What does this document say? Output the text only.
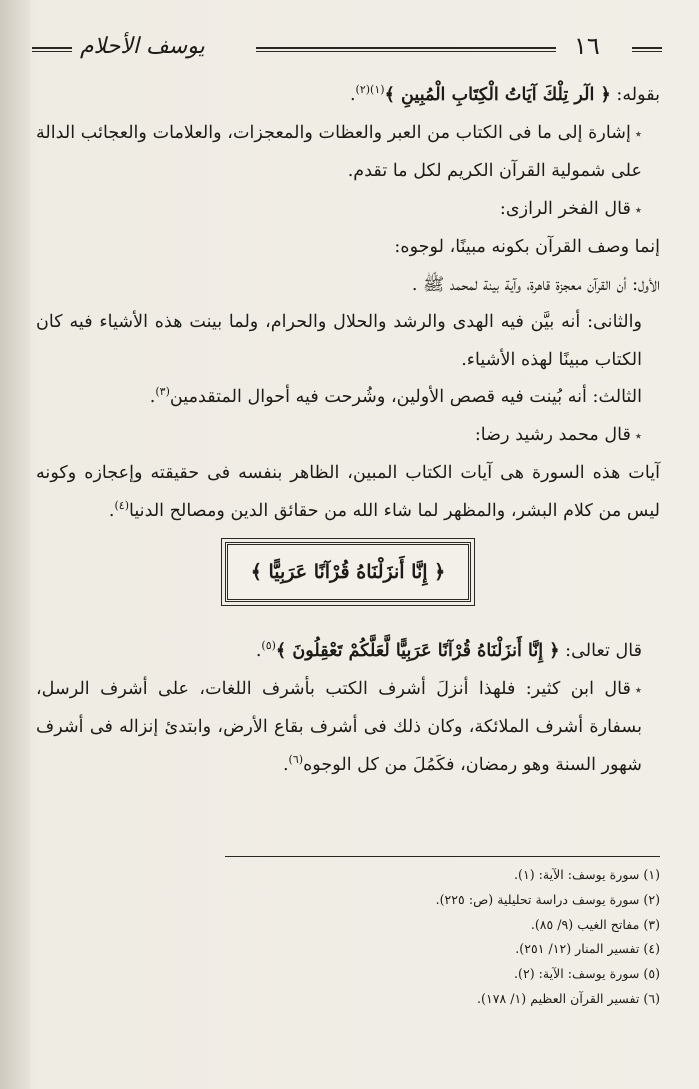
يوسف الأحلام	١٦

بقوله: ﴿ الٓر تِلْكَ آيَاتُ الْكِتَابِ الْمُبِينِ ﴾$^{(١)(٢)}$.

٭إشارة إلى ما فى الكتاب من العبر والعظات والمعجزات، والعلامات والعجائب الدالة على شمولية القرآن الكريم لكل ما تقدم.

٭قال الفخر الرازى:

إنما وصف القرآن بكونه مبينًا، لوجوه:

الأول: أن القرآن معجزة قاهرة، وآية بينة لمحمد ﷺ .

والثانى: أنه بيَّن فيه الهدى والرشد والحلال والحرام، ولما بينت هذه الأشياء فيه كان الكتاب مبينًا لهذه الأشياء.

الثالث: أنه بُينت فيه قصص الأولين، وشُرحت فيه أحوال المتقدمين$^{(٣)}$.

٭قال محمد رشيد رضا:

آيات هذه السورة هى آيات الكتاب المبين، الظاهر بنفسه فى حقيقته وإعجازه وكونه ليس من كلام البشر، والمظهر لما شاء الله من حقائق الدين ومصالح الدنيا$^{(٤)}$.

﴿ إِنَّا أَنزَلْنَاهُ قُرْآنًا عَرَبِيًّا ﴾

قال تعالى: ﴿ إِنَّا أَنزَلْنَاهُ قُرْآنًا عَرَبِيًّا لَّعَلَّكُمْ تَعْقِلُونَ ﴾$^{(٥)}$.

٭قال ابن كثير: فلهذا أنزلَ أشرف الكتب بأشرف اللغات، على أشرف الرسل، بسفارة أشرف الملائكة، وكان ذلك فى أشرف بقاع الأرض، وابتدئ إنزاله فى أشرف شهور السنة وهو رمضان، فكَمُلَ من كل الوجوه$^{(٦)}$.

(١) سورة يوسف: الآية: (١).

(٢) سورة يوسف دراسة تحليلية (ص: ٢٢٥).

(٣) مفاتح الغيب (٩/ ٨٥).

(٤) تفسير المنار (١٢/ ٢٥١).

(٥) سورة يوسف: الآية: (٢).

(٦) تفسير القرآن العظيم (١/ ١٧٨).
